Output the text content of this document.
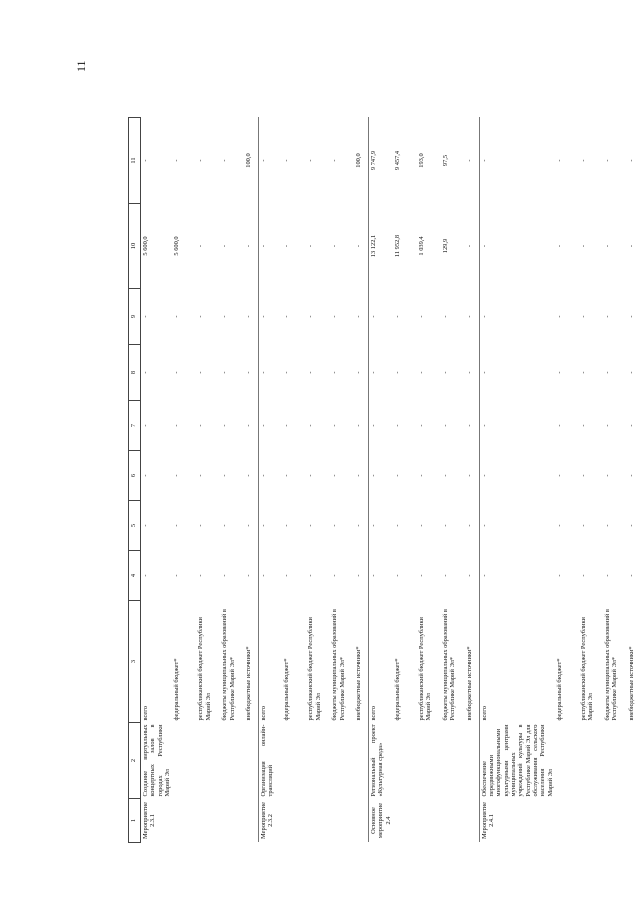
11
1	2	3	4	5	6	7	8	9	10	11
Мероприятие 2.3.1	Создание виртуальных концертных залов в городах Республики Марий Эл	всего	-	-	-	-	-	-	5 600,0	-
		федеральный бюджет*	-	-	-	-	-	-	5 600,0	-
		республиканский бюджет Республики Марий Эл	-	-	-	-	-	-	-	-
		бюджеты муниципальных образований в Республике Марий Эл*	-	-	-	-	-	-	-	-
		внебюджетные источники*	-	-	-	-	-	-	-	100,0
Мероприятие 2.3.2	Организация онлайн-трансляций	всего	-	-	-	-	-	-	-	-
		федеральный бюджет*	-	-	-	-	-	-	-	-
		республиканский бюджет Республики Марий Эл	-	-	-	-	-	-	-	-
		бюджеты муниципальных образований в Республике Марий Эл*	-	-	-	-	-	-	-	-
		внебюджетные источники*	-	-	-	-	-	-	-	100,0
Основное мероприятие 2.4	Региональный проект «Культурная среда»	всего	-	-	-	-	-	-	13 122,1	9 747,9
		федеральный бюджет*	-	-	-	-	-	-	11 952,8	9 457,4
		республиканский бюджет Республики Марий Эл	-	-	-	-	-	-	1 039,4	193,0
		бюджеты муниципальных образований в Республике Марий Эл*	-	-	-	-	-	-	129,9	97,5
		внебюджетные источники*	-	-	-	-	-	-	-	-
Мероприятие 2.4.1	Обеспечение передвижными многофункциональными культурными центрами муниципальных учреждений культуры в Республике Марий Эл для обслуживания сельского населения Республики Марий Эл	всего	-	-	-	-	-	-	-	-
		федеральный бюджет*	-	-	-	-	-	-	-	-
		республиканский бюджет Республики Марий Эл	-	-	-	-	-	-	-	-
		бюджеты муниципальных образований в Республике Марий Эл*	-	-	-	-	-	-	-	-
		внебюджетные источники*	-	-	-	-	-	-	-	-
